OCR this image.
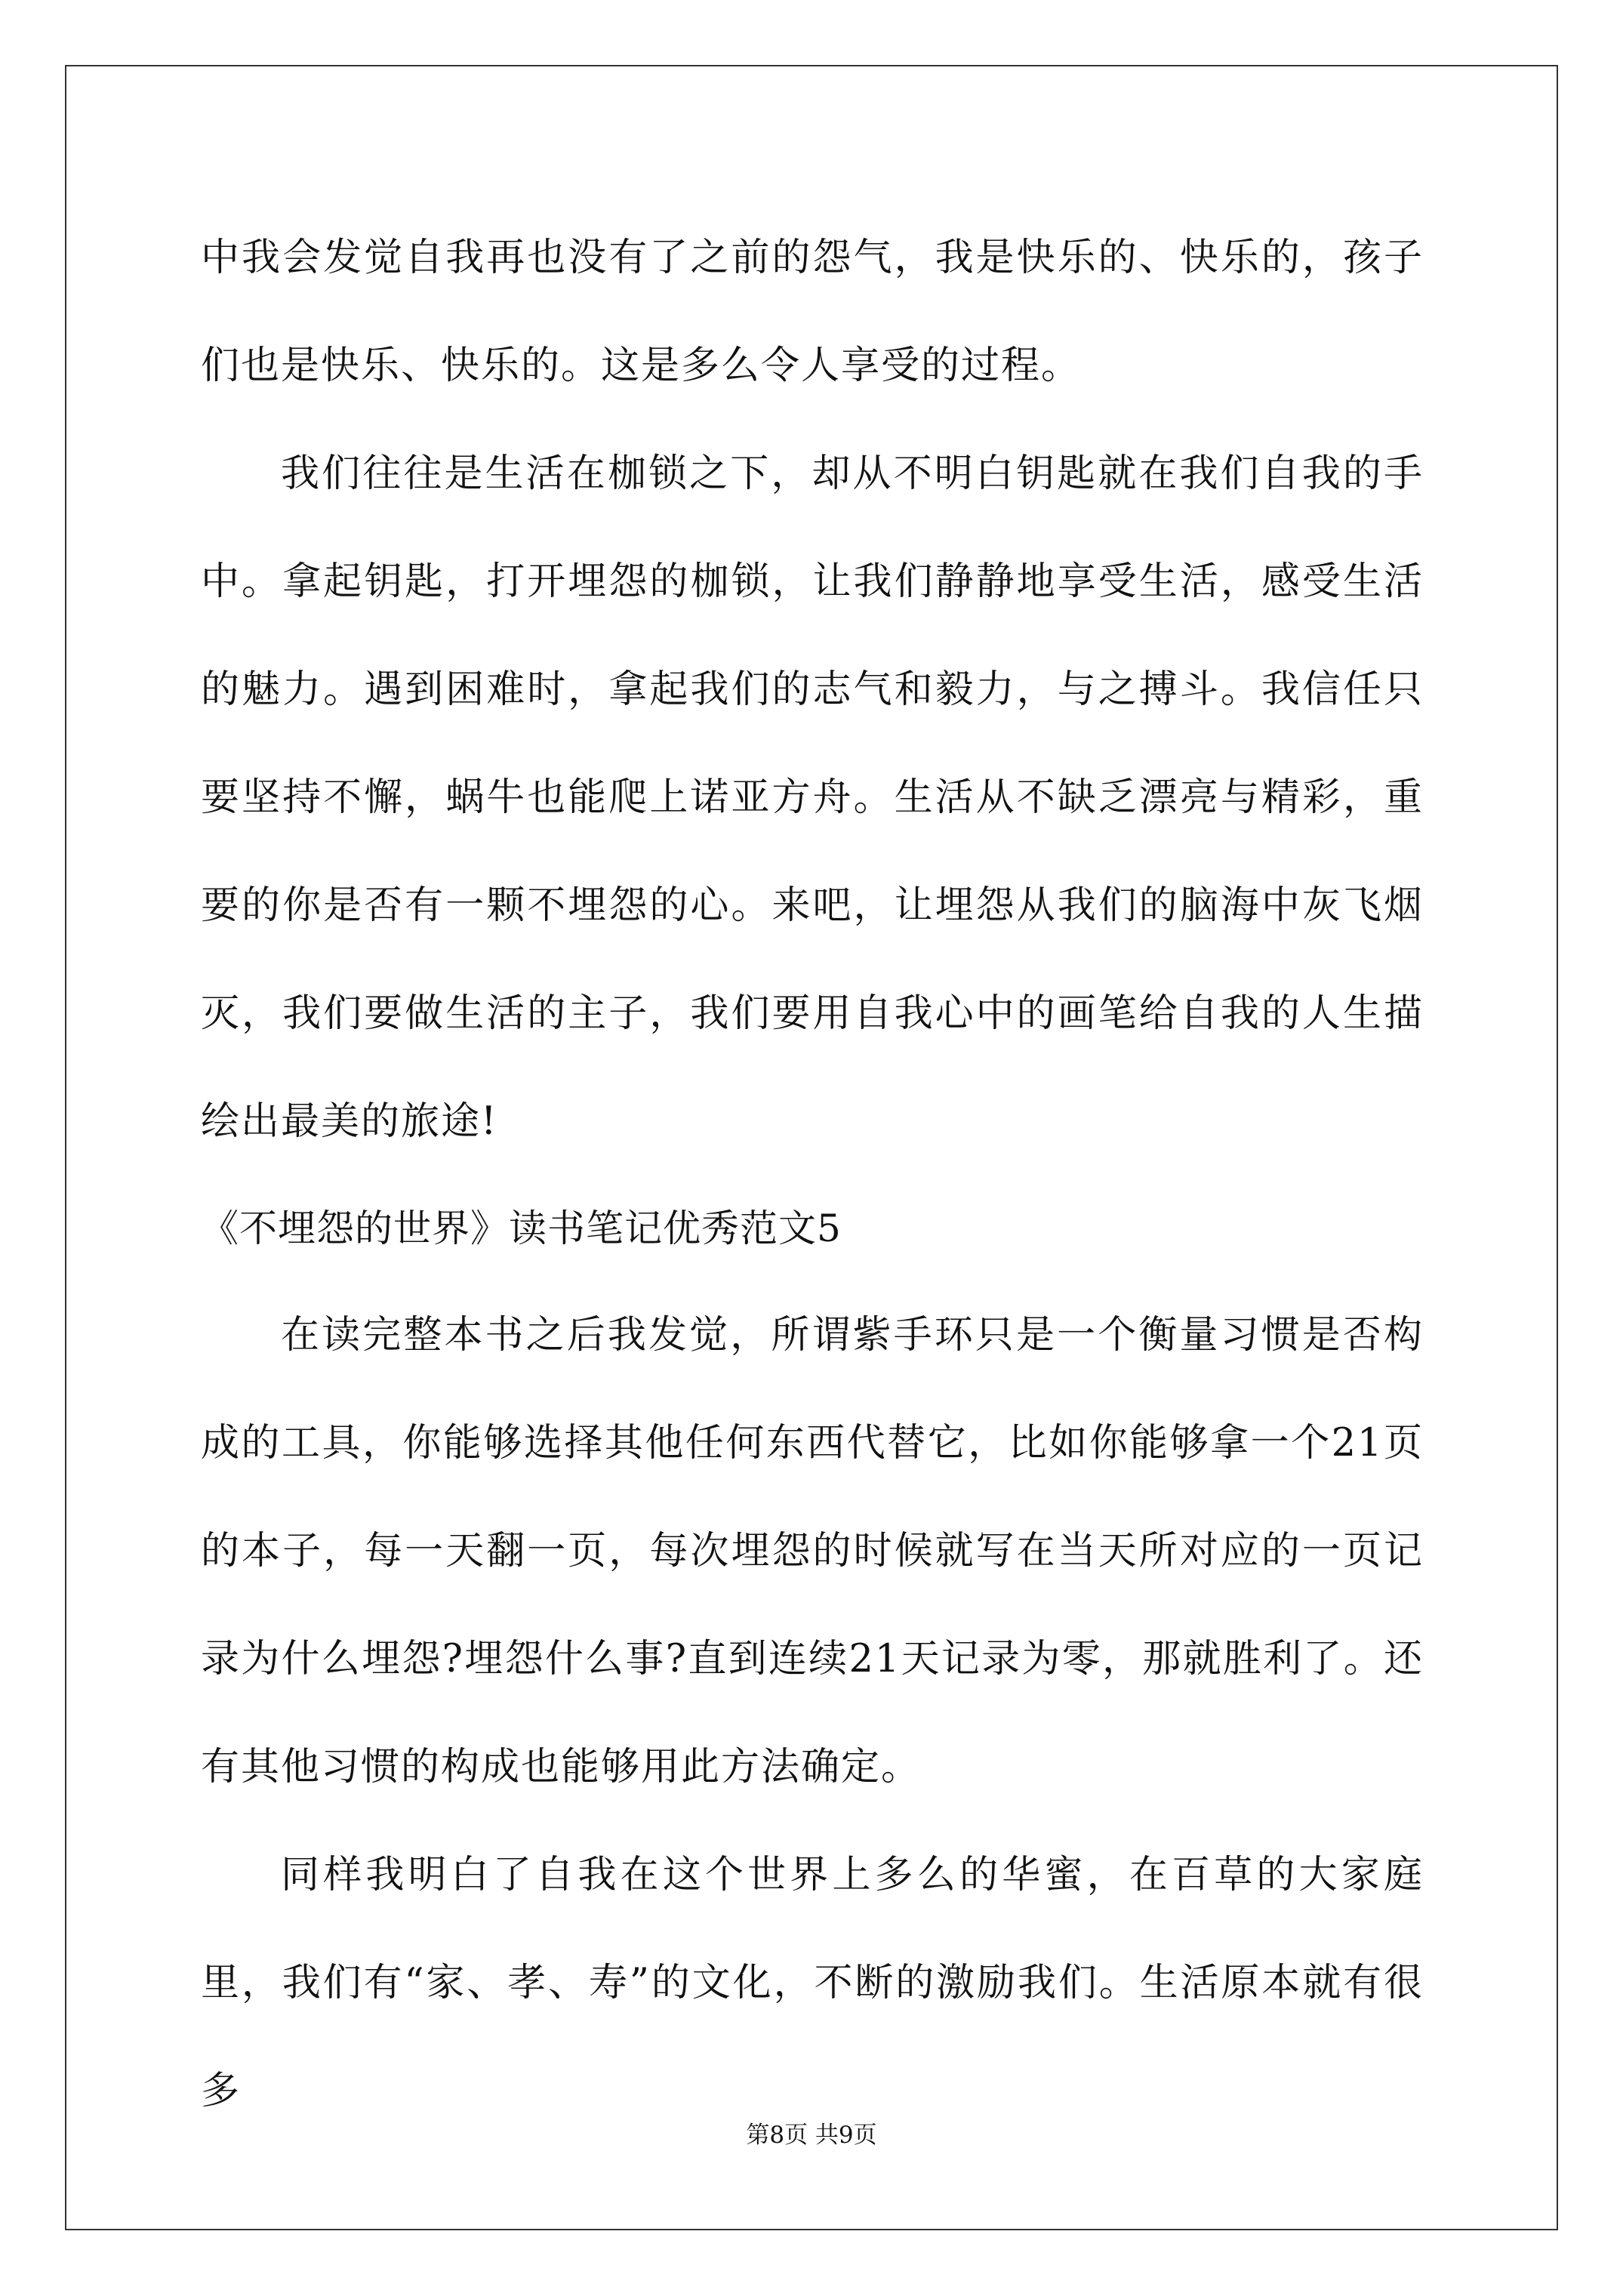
中我会发觉自我再也没有了之前的怨气，我是快乐的、快乐的，孩子们也是快乐、快乐的。这是多么令人享受的过程。

我们往往是生活在枷锁之下，却从不明白钥匙就在我们自我的手中。拿起钥匙，打开埋怨的枷锁，让我们静静地享受生活，感受生活的魅力。遇到困难时，拿起我们的志气和毅力，与之搏斗。我信任只要坚持不懈，蜗牛也能爬上诺亚方舟。生活从不缺乏漂亮与精彩，重要的你是否有一颗不埋怨的心。来吧，让埋怨从我们的脑海中灰飞烟灭，我们要做生活的主子，我们要用自我心中的画笔给自我的人生描绘出最美的旅途!

《不埋怨的世界》读书笔记优秀范文5

在读完整本书之后我发觉，所谓紫手环只是一个衡量习惯是否构成的工具，你能够选择其他任何东西代替它，比如你能够拿一个21页的本子，每一天翻一页，每次埋怨的时候就写在当天所对应的一页记录为什么埋怨?埋怨什么事?直到连续21天记录为零，那就胜利了。还有其他习惯的构成也能够用此方法确定。

同样我明白了自我在这个世界上多么的华蜜，在百草的大家庭里，我们有“家、孝、寿”的文化，不断的激励我们。生活原本就有很多

第8页 共9页
